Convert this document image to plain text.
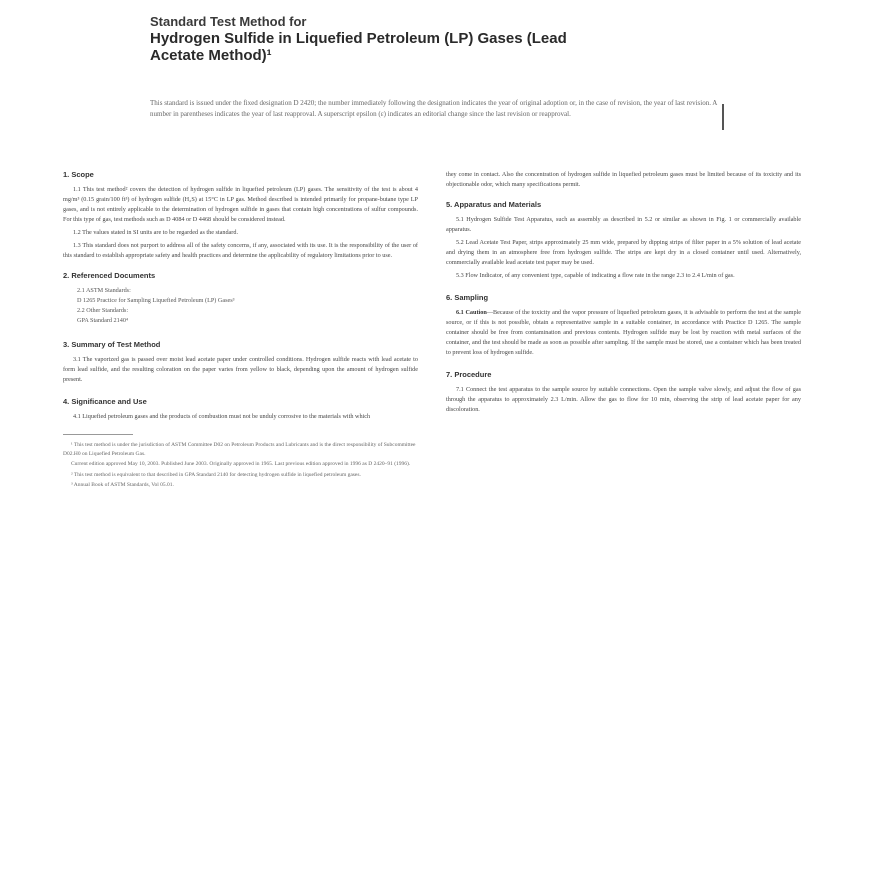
Standard Test Method for
Hydrogen Sulfide in Liquefied Petroleum (LP) Gases (Lead
Acetate Method)¹
This standard is issued under the fixed designation D 2420; the number immediately following the designation indicates the year of original adoption or, in the case of revision, the year of last revision. A number in parentheses indicates the year of last reapproval. A superscript epsilon (ε) indicates an editorial change since the last revision or reapproval.
1. Scope

1.1 This test method² covers the detection of hydrogen sulfide in liquefied petroleum (LP) gases. The sensitivity of the test is about 4 mg/m³ (0.15 grain/100 ft³) of hydrogen sulfide (H₂S) at 15°C in LP gas. Method described is intended primarily for propane-butane type LP gases, and is not entirely applicable to the determination of hydrogen sulfide in gases that contain high concentrations of sulfur compounds. For this type of gas, test methods such as D 4084 or D 4468 should be considered instead.

1.2 The values stated in SI units are to be regarded as the standard.

1.3 This standard does not purport to address all of the safety concerns, if any, associated with its use. It is the responsibility of the user of this standard to establish appropriate safety and health practices and determine the applicability of regulatory limitations prior to use.

2. Referenced Documents
2.1 ASTM Standards:
D 1265 Practice for Sampling Liquefied Petroleum (LP) Gases³
2.2 Other Standards:
GPA Standard 2140⁴
3. Summary of Test Method

3.1 The vaporized gas is passed over moist lead acetate paper under controlled conditions. Hydrogen sulfide reacts with lead acetate to form lead sulfide, and the resulting coloration on the paper varies from yellow to black, depending upon the amount of hydrogen sulfide present.

4. Significance and Use

4.1 Liquefied petroleum gases and the products of combustion must not be unduly corrosive to the materials with which

¹ This test method is under the jurisdiction of ASTM Committee D02 on Petroleum Products and Lubricants and is the direct responsibility of Subcommittee D02.H0 on Liquefied Petroleum Gas.

Current edition approved May 10, 2003. Published June 2003. Originally approved in 1965. Last previous edition approved in 1996 as D 2420–91 (1996).

² This test method is equivalent to that described in GPA Standard 2140 for detecting hydrogen sulfide in liquefied petroleum gases.

³ Annual Book of ASTM Standards, Vol 05.01.

they come in contact. Also the concentration of hydrogen sulfide in liquefied petroleum gases must be limited because of its toxicity and its objectionable odor, which many specifications permit.

5. Apparatus and Materials

5.1 Hydrogen Sulfide Test Apparatus, such as assembly as described in 5.2 or similar as shown in Fig. 1 or commercially available apparatus.

5.2 Lead Acetate Test Paper, strips approximately 25 mm wide, prepared by dipping strips of filter paper in a 5% solution of lead acetate and drying them in an atmosphere free from hydrogen sulfide. The strips are kept dry in a closed container until used. Alternatively, commercially available lead acetate test paper may be used.

5.3 Flow Indicator, of any convenient type, capable of indicating a flow rate in the range 2.3 to 2.4 L/min of gas.

6. Sampling

6.1 Caution—Because of the toxicity and the vapor pressure of liquefied petroleum gases, it is advisable to perform the test at the sample source, or if this is not possible, obtain a representative sample in a suitable container, in accordance with Practice D 1265. The sample container should be free from contamination and previous contents. Hydrogen sulfide may be lost by reaction with metal surfaces of the container, and the test should be made as soon as possible after sampling. If the sample must be stored, use a container which has been treated to prevent loss of hydrogen sulfide.

7. Procedure

7.1 Connect the test apparatus to the sample source by suitable connections. Open the sample valve slowly, and adjust the flow of gas through the apparatus to approximately 2.3 L/min. Allow the gas to flow for 10 min, observing the strip of lead acetate paper for any discoloration.
